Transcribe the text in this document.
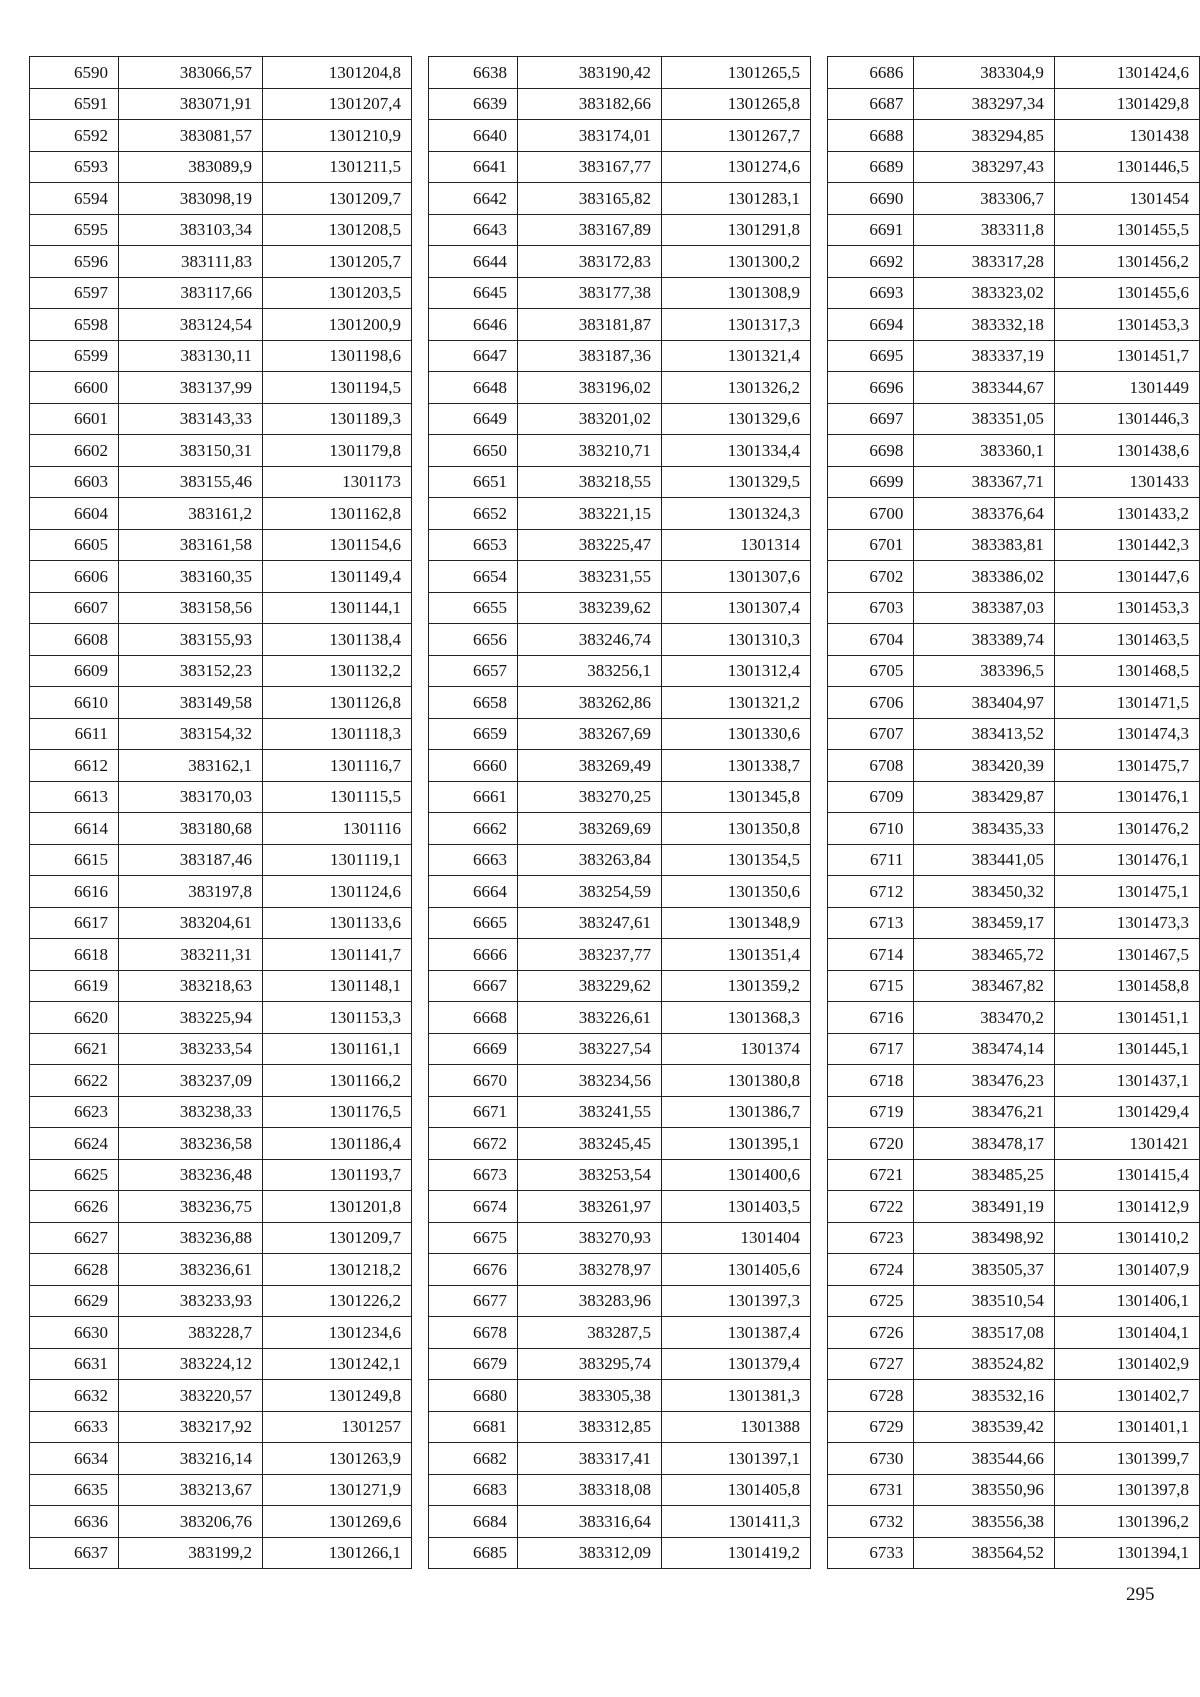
6590	383066,57	1301204,8
6591	383071,91	1301207,4
6592	383081,57	1301210,9
6593	383089,9	1301211,5
6594	383098,19	1301209,7
6595	383103,34	1301208,5
6596	383111,83	1301205,7
6597	383117,66	1301203,5
6598	383124,54	1301200,9
6599	383130,11	1301198,6
6600	383137,99	1301194,5
6601	383143,33	1301189,3
6602	383150,31	1301179,8
6603	383155,46	1301173
6604	383161,2	1301162,8
6605	383161,58	1301154,6
6606	383160,35	1301149,4
6607	383158,56	1301144,1
6608	383155,93	1301138,4
6609	383152,23	1301132,2
6610	383149,58	1301126,8
6611	383154,32	1301118,3
6612	383162,1	1301116,7
6613	383170,03	1301115,5
6614	383180,68	1301116
6615	383187,46	1301119,1
6616	383197,8	1301124,6
6617	383204,61	1301133,6
6618	383211,31	1301141,7
6619	383218,63	1301148,1
6620	383225,94	1301153,3
6621	383233,54	1301161,1
6622	383237,09	1301166,2
6623	383238,33	1301176,5
6624	383236,58	1301186,4
6625	383236,48	1301193,7
6626	383236,75	1301201,8
6627	383236,88	1301209,7
6628	383236,61	1301218,2
6629	383233,93	1301226,2
6630	383228,7	1301234,6
6631	383224,12	1301242,1
6632	383220,57	1301249,8
6633	383217,92	1301257
6634	383216,14	1301263,9
6635	383213,67	1301271,9
6636	383206,76	1301269,6
6637	383199,2	1301266,1
6638	383190,42	1301265,5
6639	383182,66	1301265,8
6640	383174,01	1301267,7
6641	383167,77	1301274,6
6642	383165,82	1301283,1
6643	383167,89	1301291,8
6644	383172,83	1301300,2
6645	383177,38	1301308,9
6646	383181,87	1301317,3
6647	383187,36	1301321,4
6648	383196,02	1301326,2
6649	383201,02	1301329,6
6650	383210,71	1301334,4
6651	383218,55	1301329,5
6652	383221,15	1301324,3
6653	383225,47	1301314
6654	383231,55	1301307,6
6655	383239,62	1301307,4
6656	383246,74	1301310,3
6657	383256,1	1301312,4
6658	383262,86	1301321,2
6659	383267,69	1301330,6
6660	383269,49	1301338,7
6661	383270,25	1301345,8
6662	383269,69	1301350,8
6663	383263,84	1301354,5
6664	383254,59	1301350,6
6665	383247,61	1301348,9
6666	383237,77	1301351,4
6667	383229,62	1301359,2
6668	383226,61	1301368,3
6669	383227,54	1301374
6670	383234,56	1301380,8
6671	383241,55	1301386,7
6672	383245,45	1301395,1
6673	383253,54	1301400,6
6674	383261,97	1301403,5
6675	383270,93	1301404
6676	383278,97	1301405,6
6677	383283,96	1301397,3
6678	383287,5	1301387,4
6679	383295,74	1301379,4
6680	383305,38	1301381,3
6681	383312,85	1301388
6682	383317,41	1301397,1
6683	383318,08	1301405,8
6684	383316,64	1301411,3
6685	383312,09	1301419,2
6686	383304,9	1301424,6
6687	383297,34	1301429,8
6688	383294,85	1301438
6689	383297,43	1301446,5
6690	383306,7	1301454
6691	383311,8	1301455,5
6692	383317,28	1301456,2
6693	383323,02	1301455,6
6694	383332,18	1301453,3
6695	383337,19	1301451,7
6696	383344,67	1301449
6697	383351,05	1301446,3
6698	383360,1	1301438,6
6699	383367,71	1301433
6700	383376,64	1301433,2
6701	383383,81	1301442,3
6702	383386,02	1301447,6
6703	383387,03	1301453,3
6704	383389,74	1301463,5
6705	383396,5	1301468,5
6706	383404,97	1301471,5
6707	383413,52	1301474,3
6708	383420,39	1301475,7
6709	383429,87	1301476,1
6710	383435,33	1301476,2
6711	383441,05	1301476,1
6712	383450,32	1301475,1
6713	383459,17	1301473,3
6714	383465,72	1301467,5
6715	383467,82	1301458,8
6716	383470,2	1301451,1
6717	383474,14	1301445,1
6718	383476,23	1301437,1
6719	383476,21	1301429,4
6720	383478,17	1301421
6721	383485,25	1301415,4
6722	383491,19	1301412,9
6723	383498,92	1301410,2
6724	383505,37	1301407,9
6725	383510,54	1301406,1
6726	383517,08	1301404,1
6727	383524,82	1301402,9
6728	383532,16	1301402,7
6729	383539,42	1301401,1
6730	383544,66	1301399,7
6731	383550,96	1301397,8
6732	383556,38	1301396,2
6733	383564,52	1301394,1
295
